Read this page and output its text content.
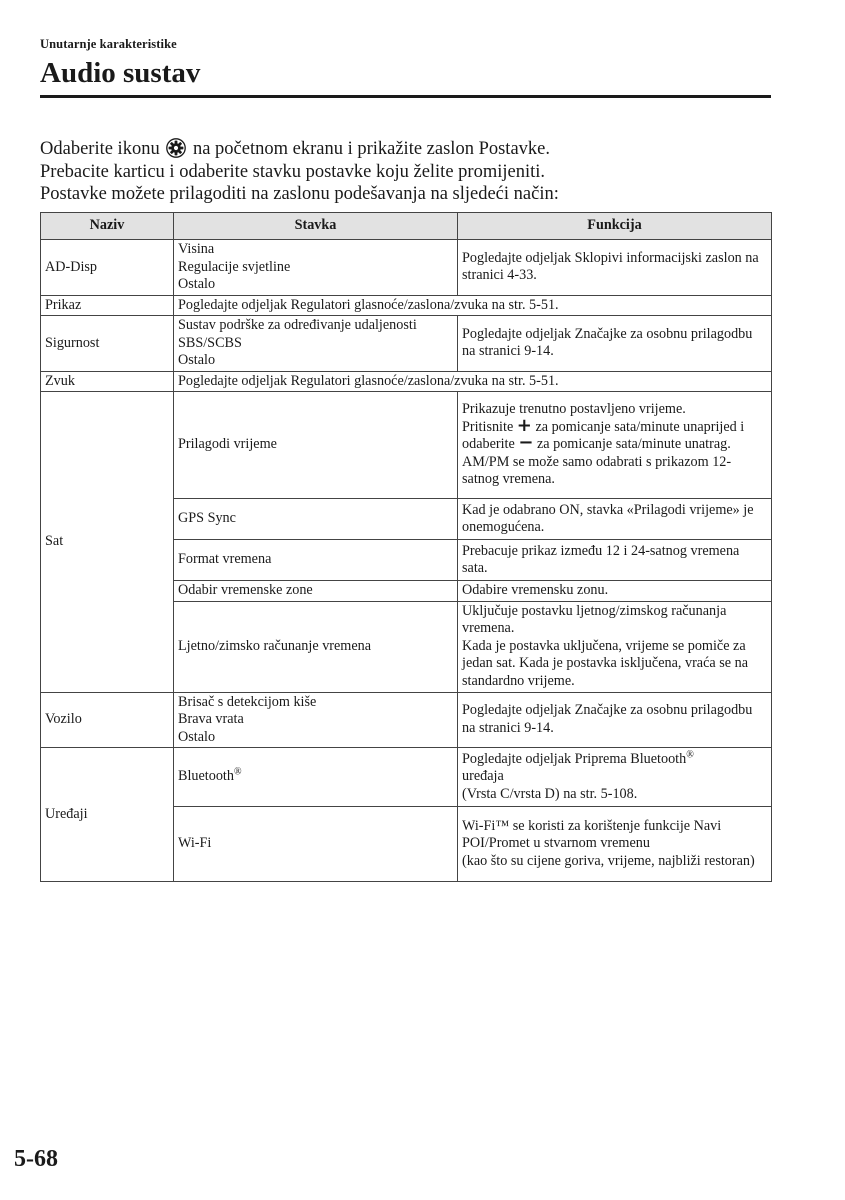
Unutarnje karakteristike
Audio sustav

Odaberite ikonu na početnom ekranu i prikažite zaslon Postavke.

Prebacite karticu i odaberite stavku postavke koju želite promijeniti.

Postavke možete prilagoditi na zaslonu podešavanja na sljedeći način:

Naziv	Stavka	Funkcija
AD-Disp	Visina
Regulacije svjetline
Ostalo	Pogledajte odjeljak Sklopivi informacijski zaslon na stranici 4-33.
Prikaz	Pogledajte odjeljak Regulatori glasnoće/zaslona/zvuka na str. 5-51.	
Sigurnost	Sustav podrške za određivanje udaljenosti
SBS/SCBS
Ostalo	Pogledajte odjeljak Značajke za osobnu prilagodbu na stranici 9-14.
Zvuk	Pogledajte odjeljak Regulatori glasnoće/zaslona/zvuka na str. 5-51.	
Sat	Prilagodi vrijeme	Prikazuje trenutno postavljeno vrijeme.
Pritisnite + za pomicanje sata/minute unaprijed i odaberite − za pomicanje sata/minute unatrag.
AM/PM se može samo odabrati s prikazom 12-satnog vremena.

	GPS Sync	Kad je odabrano ON, stavka «Prilagodi vrijeme» je onemogućena.
	Format vremena	Prebacuje prikaz između 12 i 24-satnog vremena sata.
	Odabir vremenske zone	Odabire vremensku zonu.
	Ljetno/zimsko računanje vremena	Uključuje postavku ljetnog/zimskog računanja vremena.
Kada je postavka uključena, vrijeme se pomiče za jedan sat. Kada je postavka isključena, vraća se na standardno vrijeme.

Vozilo	Brisač s detekcijom kiše
Brava vrata
Ostalo	Pogledajte odjeljak Značajke za osobnu prilagodbu na stranici 9-14.
Uređaji	Bluetooth®	Pogledajte odjeljak Priprema Bluetooth®
uređaja
(Vrsta C/vrsta D) na str. 5-108.

	Wi-Fi	Wi-Fi™ se koristi za korištenje funkcije Navi POI/Promet u stvarnom vremenu
(kao što su cijene goriva, vrijeme, najbliži restoran)
5-68
